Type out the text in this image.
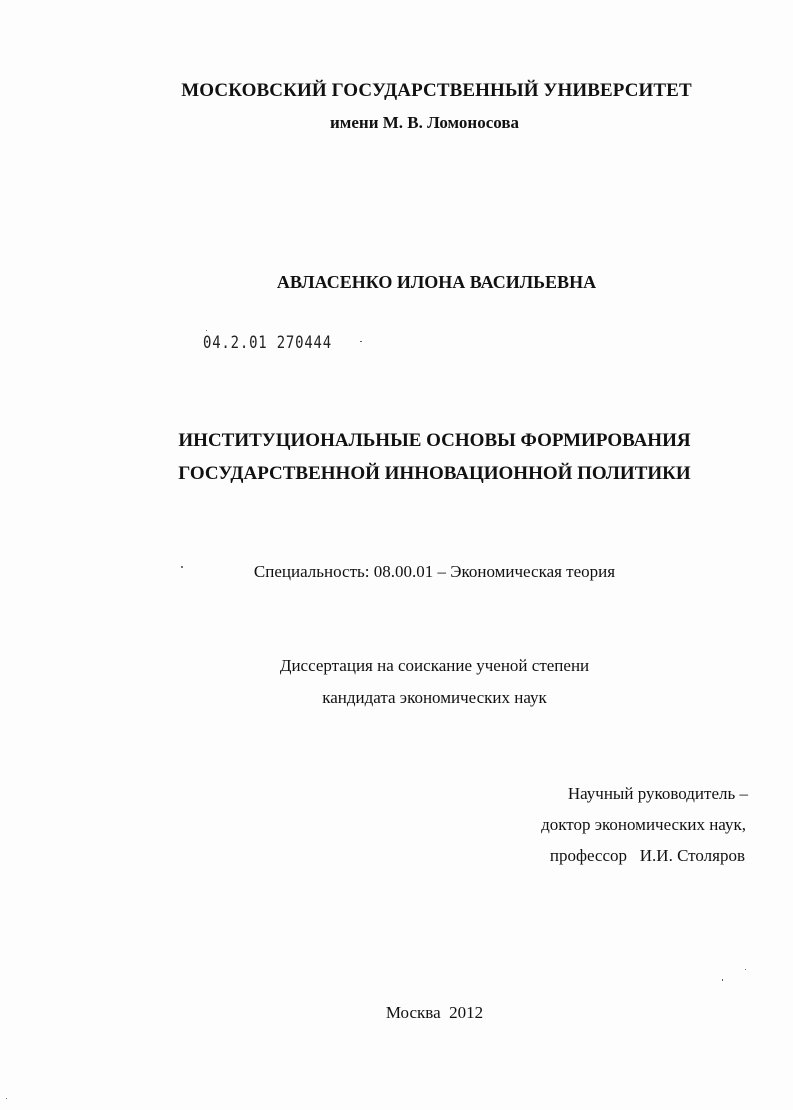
МОСКОВСКИЙ ГОСУДАРСТВЕННЫЙ УНИВЕРСИТЕТ
имени М. В. Ломоносова
АВЛАСЕНКО ИЛОНА ВАСИЛЬЕВНА
04.2.01 270444
ИНСТИТУЦИОНАЛЬНЫЕ ОСНОВЫ ФОРМИРОВАНИЯ
ГОСУДАРСТВЕННОЙ ИННОВАЦИОННОЙ ПОЛИТИКИ
Специальность: 08.00.01 – Экономическая теория
Диссертация на соискание ученой степени
кандидата экономических наук
Научный руководитель –
доктор экономических наук,
профессор   И.И. Столяров
Москва  2012
